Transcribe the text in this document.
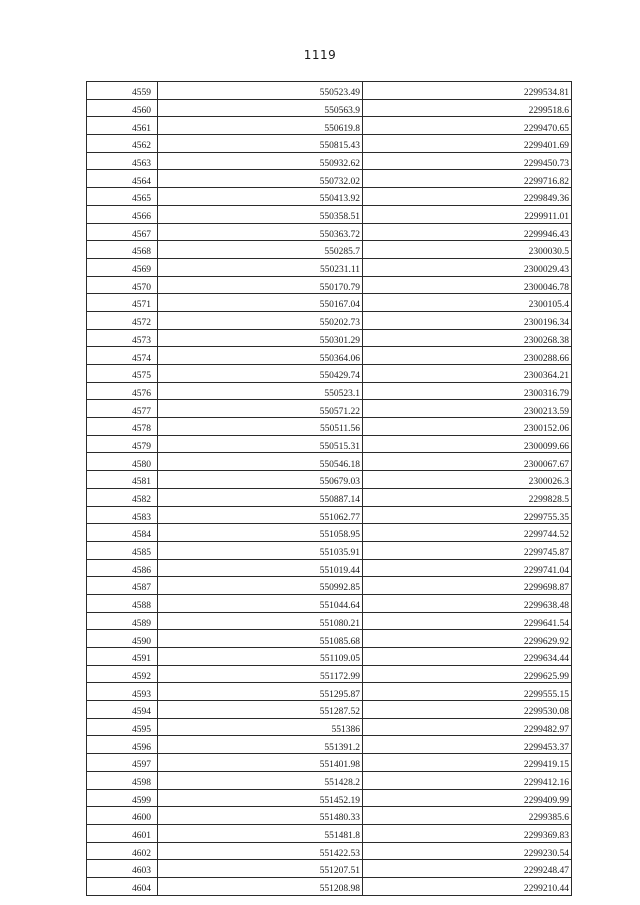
1119
4559	550523.49	2299534.81
4560	550563.9	2299518.6
4561	550619.8	2299470.65
4562	550815.43	2299401.69
4563	550932.62	2299450.73
4564	550732.02	2299716.82
4565	550413.92	2299849.36
4566	550358.51	2299911.01
4567	550363.72	2299946.43
4568	550285.7	2300030.5
4569	550231.11	2300029.43
4570	550170.79	2300046.78
4571	550167.04	2300105.4
4572	550202.73	2300196.34
4573	550301.29	2300268.38
4574	550364.06	2300288.66
4575	550429.74	2300364.21
4576	550523.1	2300316.79
4577	550571.22	2300213.59
4578	550511.56	2300152.06
4579	550515.31	2300099.66
4580	550546.18	2300067.67
4581	550679.03	2300026.3
4582	550887.14	2299828.5
4583	551062.77	2299755.35
4584	551058.95	2299744.52
4585	551035.91	2299745.87
4586	551019.44	2299741.04
4587	550992.85	2299698.87
4588	551044.64	2299638.48
4589	551080.21	2299641.54
4590	551085.68	2299629.92
4591	551109.05	2299634.44
4592	551172.99	2299625.99
4593	551295.87	2299555.15
4594	551287.52	2299530.08
4595	551386	2299482.97
4596	551391.2	2299453.37
4597	551401.98	2299419.15
4598	551428.2	2299412.16
4599	551452.19	2299409.99
4600	551480.33	2299385.6
4601	551481.8	2299369.83
4602	551422.53	2299230.54
4603	551207.51	2299248.47
4604	551208.98	2299210.44
